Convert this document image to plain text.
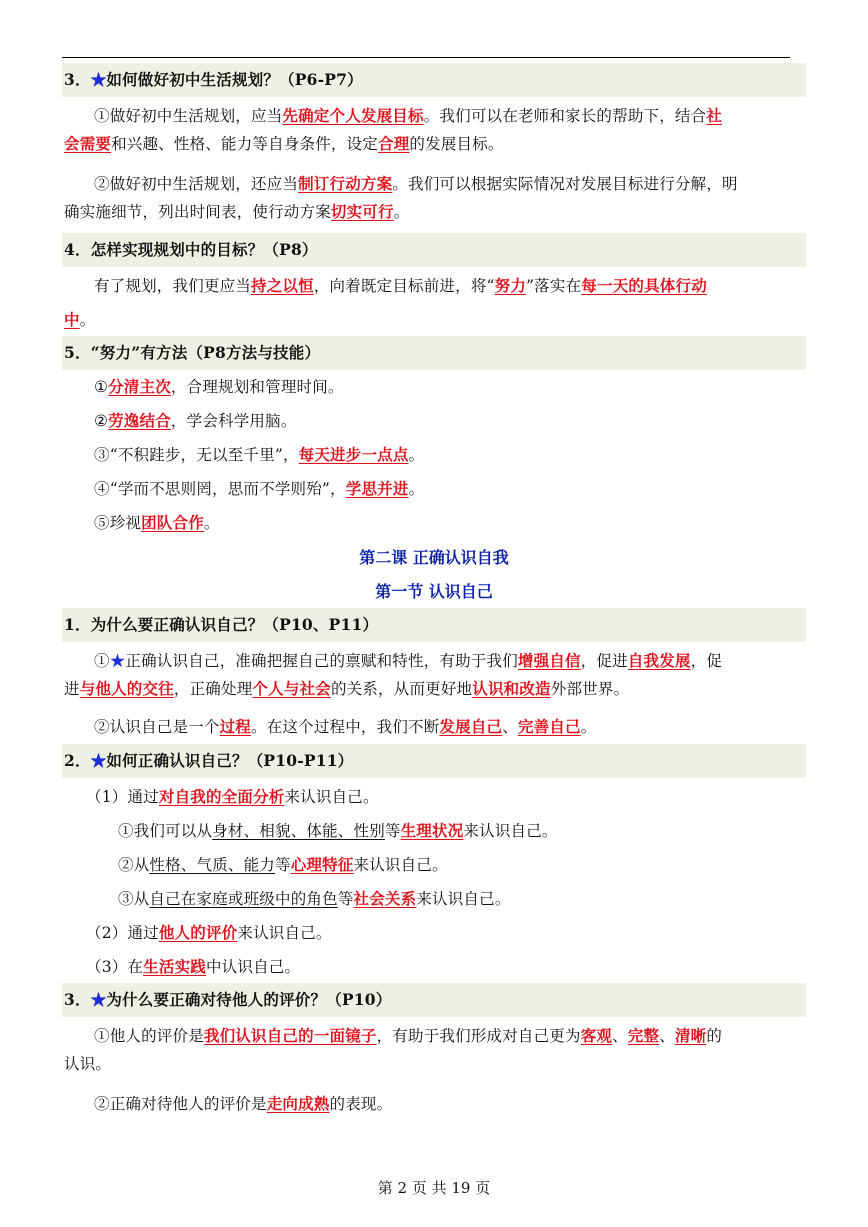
3．★如何做好初中生活规划？（P6-P7）
①做好初中生活规划，应当先确定个人发展目标。我们可以在老师和家长的帮助下，结合社
会需要和兴趣、性格、能力等自身条件，设定合理的发展目标。
②做好初中生活规划，还应当制订行动方案。我们可以根据实际情况对发展目标进行分解，明
确实施细节，列出时间表，使行动方案切实可行。
4．怎样实现规划中的目标？（P8）
有了规划，我们更应当持之以恒，向着既定目标前进，将“努力”落实在每一天的具体行动
中。
5．“努力”有方法（P8方法与技能）
①分清主次，合理规划和管理时间。
②劳逸结合，学会科学用脑。
③“不积跬步，无以至千里”，每天进步一点点。
④“学而不思则罔，思而不学则殆”，学思并进。
⑤珍视团队合作。
第二课 正确认识自我
第一节 认识自己
1．为什么要正确认识自己？（P10、P11）
①★正确认识自己，准确把握自己的禀赋和特性，有助于我们增强自信，促进自我发展，促
进与他人的交往，正确处理个人与社会的关系，从而更好地认识和改造外部世界。
②认识自己是一个过程。在这个过程中，我们不断发展自己、完善自己。
2．★如何正确认识自己？（P10-P11）
（1）通过对自我的全面分析来认识自己。
①我们可以从身材、相貌、体能、性别等生理状况来认识自己。
②从性格、气质、能力等心理特征来认识自己。
③从自己在家庭或班级中的角色等社会关系来认识自己。
（2）通过他人的评价来认识自己。
（3）在生活实践中认识自己。
3．★为什么要正确对待他人的评价？（P10）
①他人的评价是我们认识自己的一面镜子，有助于我们形成对自己更为客观、完整、清晰的
认识。
②正确对待他人的评价是走向成熟的表现。
第 2 页 共 19 页
